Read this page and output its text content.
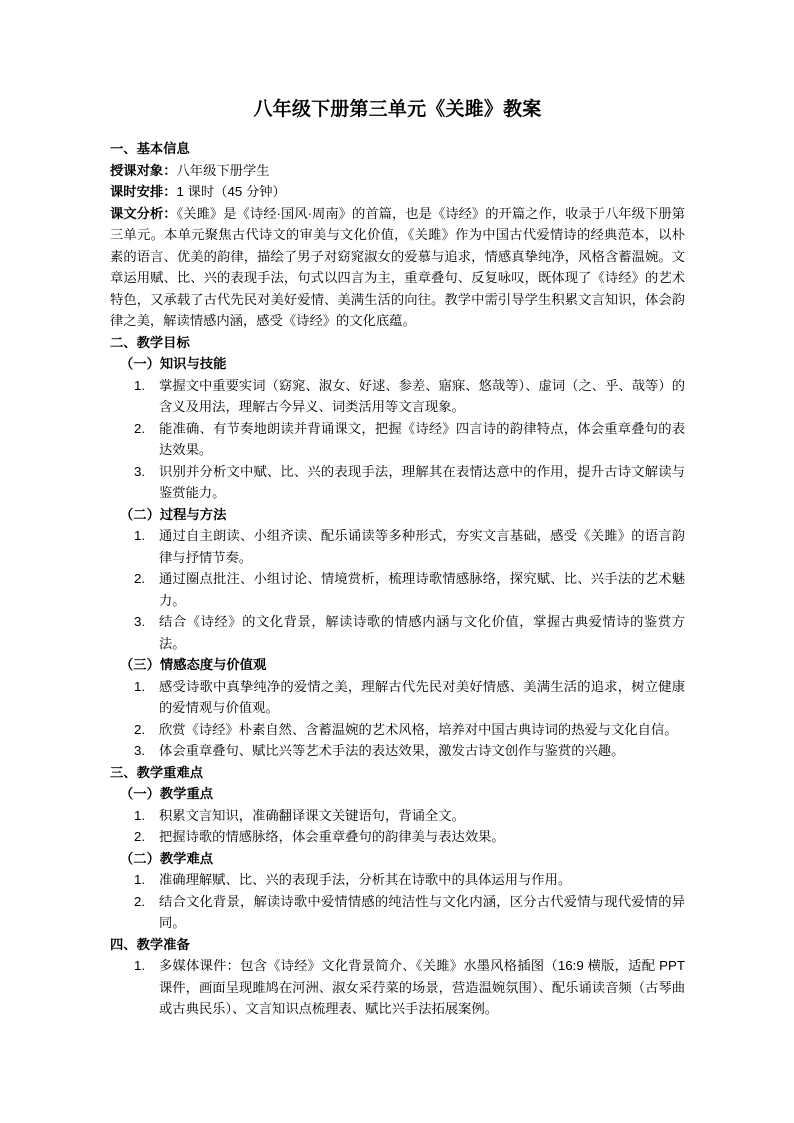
八年级下册第三单元《关雎》教案

一、基本信息

授课对象：八年级下册学生

课时安排：1 课时（45 分钟）

课文分析：《关雎》是《诗经·国风·周南》的首篇，也是《诗经》的开篇之作，收录于八年级下册第三单元。本单元聚焦古代诗文的审美与文化价值，《关雎》作为中国古代爱情诗的经典范本，以朴素的语言、优美的韵律，描绘了男子对窈窕淑女的爱慕与追求，情感真挚纯净，风格含蓄温婉。文章运用赋、比、兴的表现手法，句式以四言为主，重章叠句、反复咏叹，既体现了《诗经》的艺术特色，又承载了古代先民对美好爱情、美满生活的向往。教学中需引导学生积累文言知识，体会韵律之美，解读情感内涵，感受《诗经》的文化底蕴。

二、教学目标

（一）知识与技能

掌握文中重要实词（窈窕、淑女、好逑、参差、寤寐、悠哉等）、虚词（之、乎、哉等）的含义及用法，理解古今异义、词类活用等文言现象。
能准确、有节奏地朗读并背诵课文，把握《诗经》四言诗的韵律特点，体会重章叠句的表达效果。
识别并分析文中赋、比、兴的表现手法，理解其在表情达意中的作用，提升古诗文解读与鉴赏能力。

（二）过程与方法

通过自主朗读、小组齐读、配乐诵读等多种形式，夯实文言基础，感受《关雎》的语言韵律与抒情节奏。
通过圈点批注、小组讨论、情境赏析，梳理诗歌情感脉络，探究赋、比、兴手法的艺术魅力。
结合《诗经》的文化背景，解读诗歌的情感内涵与文化价值，掌握古典爱情诗的鉴赏方法。

（三）情感态度与价值观

感受诗歌中真挚纯净的爱情之美，理解古代先民对美好情感、美满生活的追求，树立健康的爱情观与价值观。
欣赏《诗经》朴素自然、含蓄温婉的艺术风格，培养对中国古典诗词的热爱与文化自信。
体会重章叠句、赋比兴等艺术手法的表达效果，激发古诗文创作与鉴赏的兴趣。

三、教学重难点

（一）教学重点

积累文言知识，准确翻译课文关键语句，背诵全文。
把握诗歌的情感脉络，体会重章叠句的韵律美与表达效果。

（二）教学难点

准确理解赋、比、兴的表现手法，分析其在诗歌中的具体运用与作用。
结合文化背景，解读诗歌中爱情情感的纯洁性与文化内涵，区分古代爱情与现代爱情的异同。

四、教学准备

多媒体课件：包含《诗经》文化背景简介、《关雎》水墨风格插图（16:9 横版，适配 PPT 课件，画面呈现雎鸠在河洲、淑女采荇菜的场景，营造温婉氛围）、配乐诵读音频（古琴曲或古典民乐）、文言知识点梳理表、赋比兴手法拓展案例。
